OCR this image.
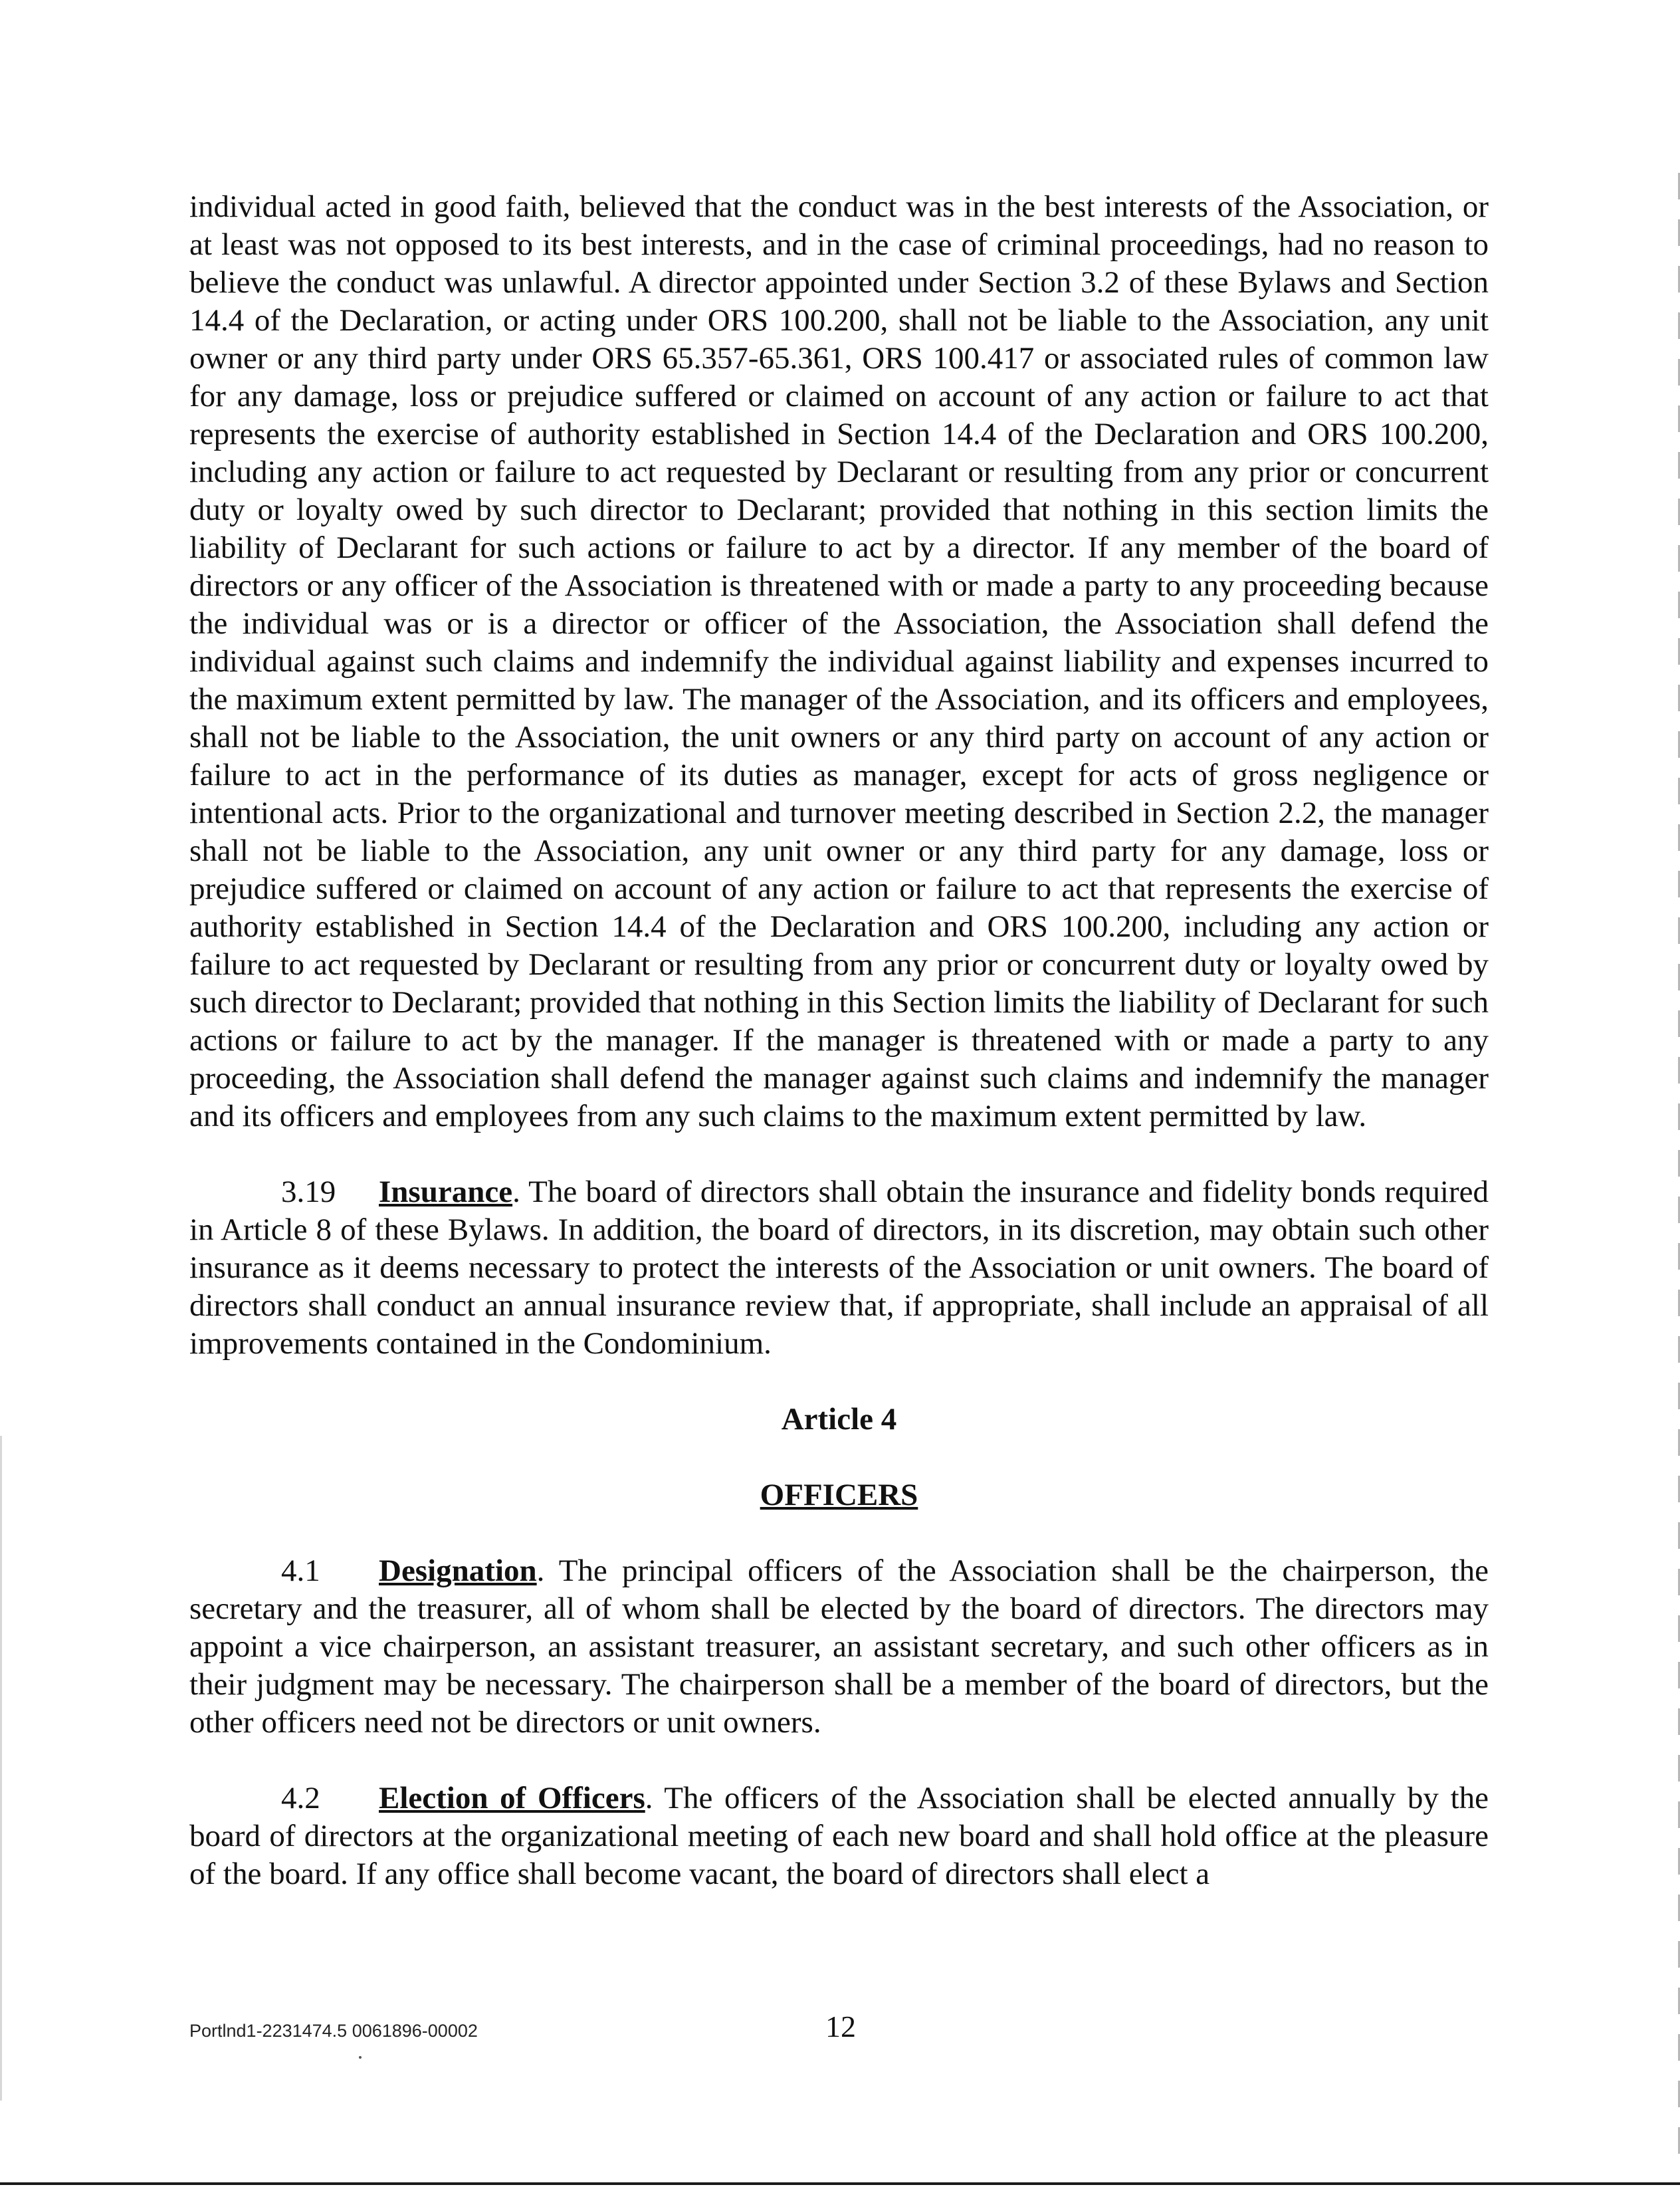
individual acted in good faith, believed that the conduct was in the best interests of the Association, or at least was not opposed to its best interests, and in the case of criminal proceedings, had no reason to believe the conduct was unlawful. A director appointed under Section 3.2 of these Bylaws and Section 14.4 of the Declaration, or acting under ORS 100.200, shall not be liable to the Association, any unit owner or any third party under ORS 65.357-65.361, ORS 100.417 or associated rules of common law for any damage, loss or prejudice suffered or claimed on account of any action or failure to act that represents the exercise of authority established in Section 14.4 of the Declaration and ORS 100.200, including any action or failure to act requested by Declarant or resulting from any prior or concurrent duty or loyalty owed by such director to Declarant; provided that nothing in this section limits the liability of Declarant for such actions or failure to act by a director. If any member of the board of directors or any officer of the Association is threatened with or made a party to any proceeding because the individual was or is a director or officer of the Association, the Association shall defend the individual against such claims and indemnify the individual against liability and expenses incurred to the maximum extent permitted by law. The manager of the Association, and its officers and employees, shall not be liable to the Association, the unit owners or any third party on account of any action or failure to act in the performance of its duties as manager, except for acts of gross negligence or intentional acts. Prior to the organizational and turnover meeting described in Section 2.2, the manager shall not be liable to the Association, any unit owner or any third party for any damage, loss or prejudice suffered or claimed on account of any action or failure to act that represents the exercise of authority established in Section 14.4 of the Declaration and ORS 100.200, including any action or failure to act requested by Declarant or resulting from any prior or concurrent duty or loyalty owed by such director to Declarant; provided that nothing in this Section limits the liability of Declarant for such actions or failure to act by the manager. If the manager is threatened with or made a party to any proceeding, the Association shall defend the manager against such claims and indemnify the manager and its officers and employees from any such claims to the maximum extent permitted by law.

3.19 Insurance. The board of directors shall obtain the insurance and fidelity bonds required in Article 8 of these Bylaws. In addition, the board of directors, in its discretion, may obtain such other insurance as it deems necessary to protect the interests of the Association or unit owners. The board of directors shall conduct an annual insurance review that, if appropriate, shall include an appraisal of all improvements contained in the Condominium.

Article 4

OFFICERS

4.1 Designation. The principal officers of the Association shall be the chairperson, the secretary and the treasurer, all of whom shall be elected by the board of directors. The directors may appoint a vice chairperson, an assistant treasurer, an assistant secretary, and such other officers as in their judgment may be necessary. The chairperson shall be a member of the board of directors, but the other officers need not be directors or unit owners.

4.2 Election of Officers. The officers of the Association shall be elected annually by the board of directors at the organizational meeting of each new board and shall hold office at the pleasure of the board. If any office shall become vacant, the board of directors shall elect a

Portlnd1-2231474.5 0061896-00002	12
